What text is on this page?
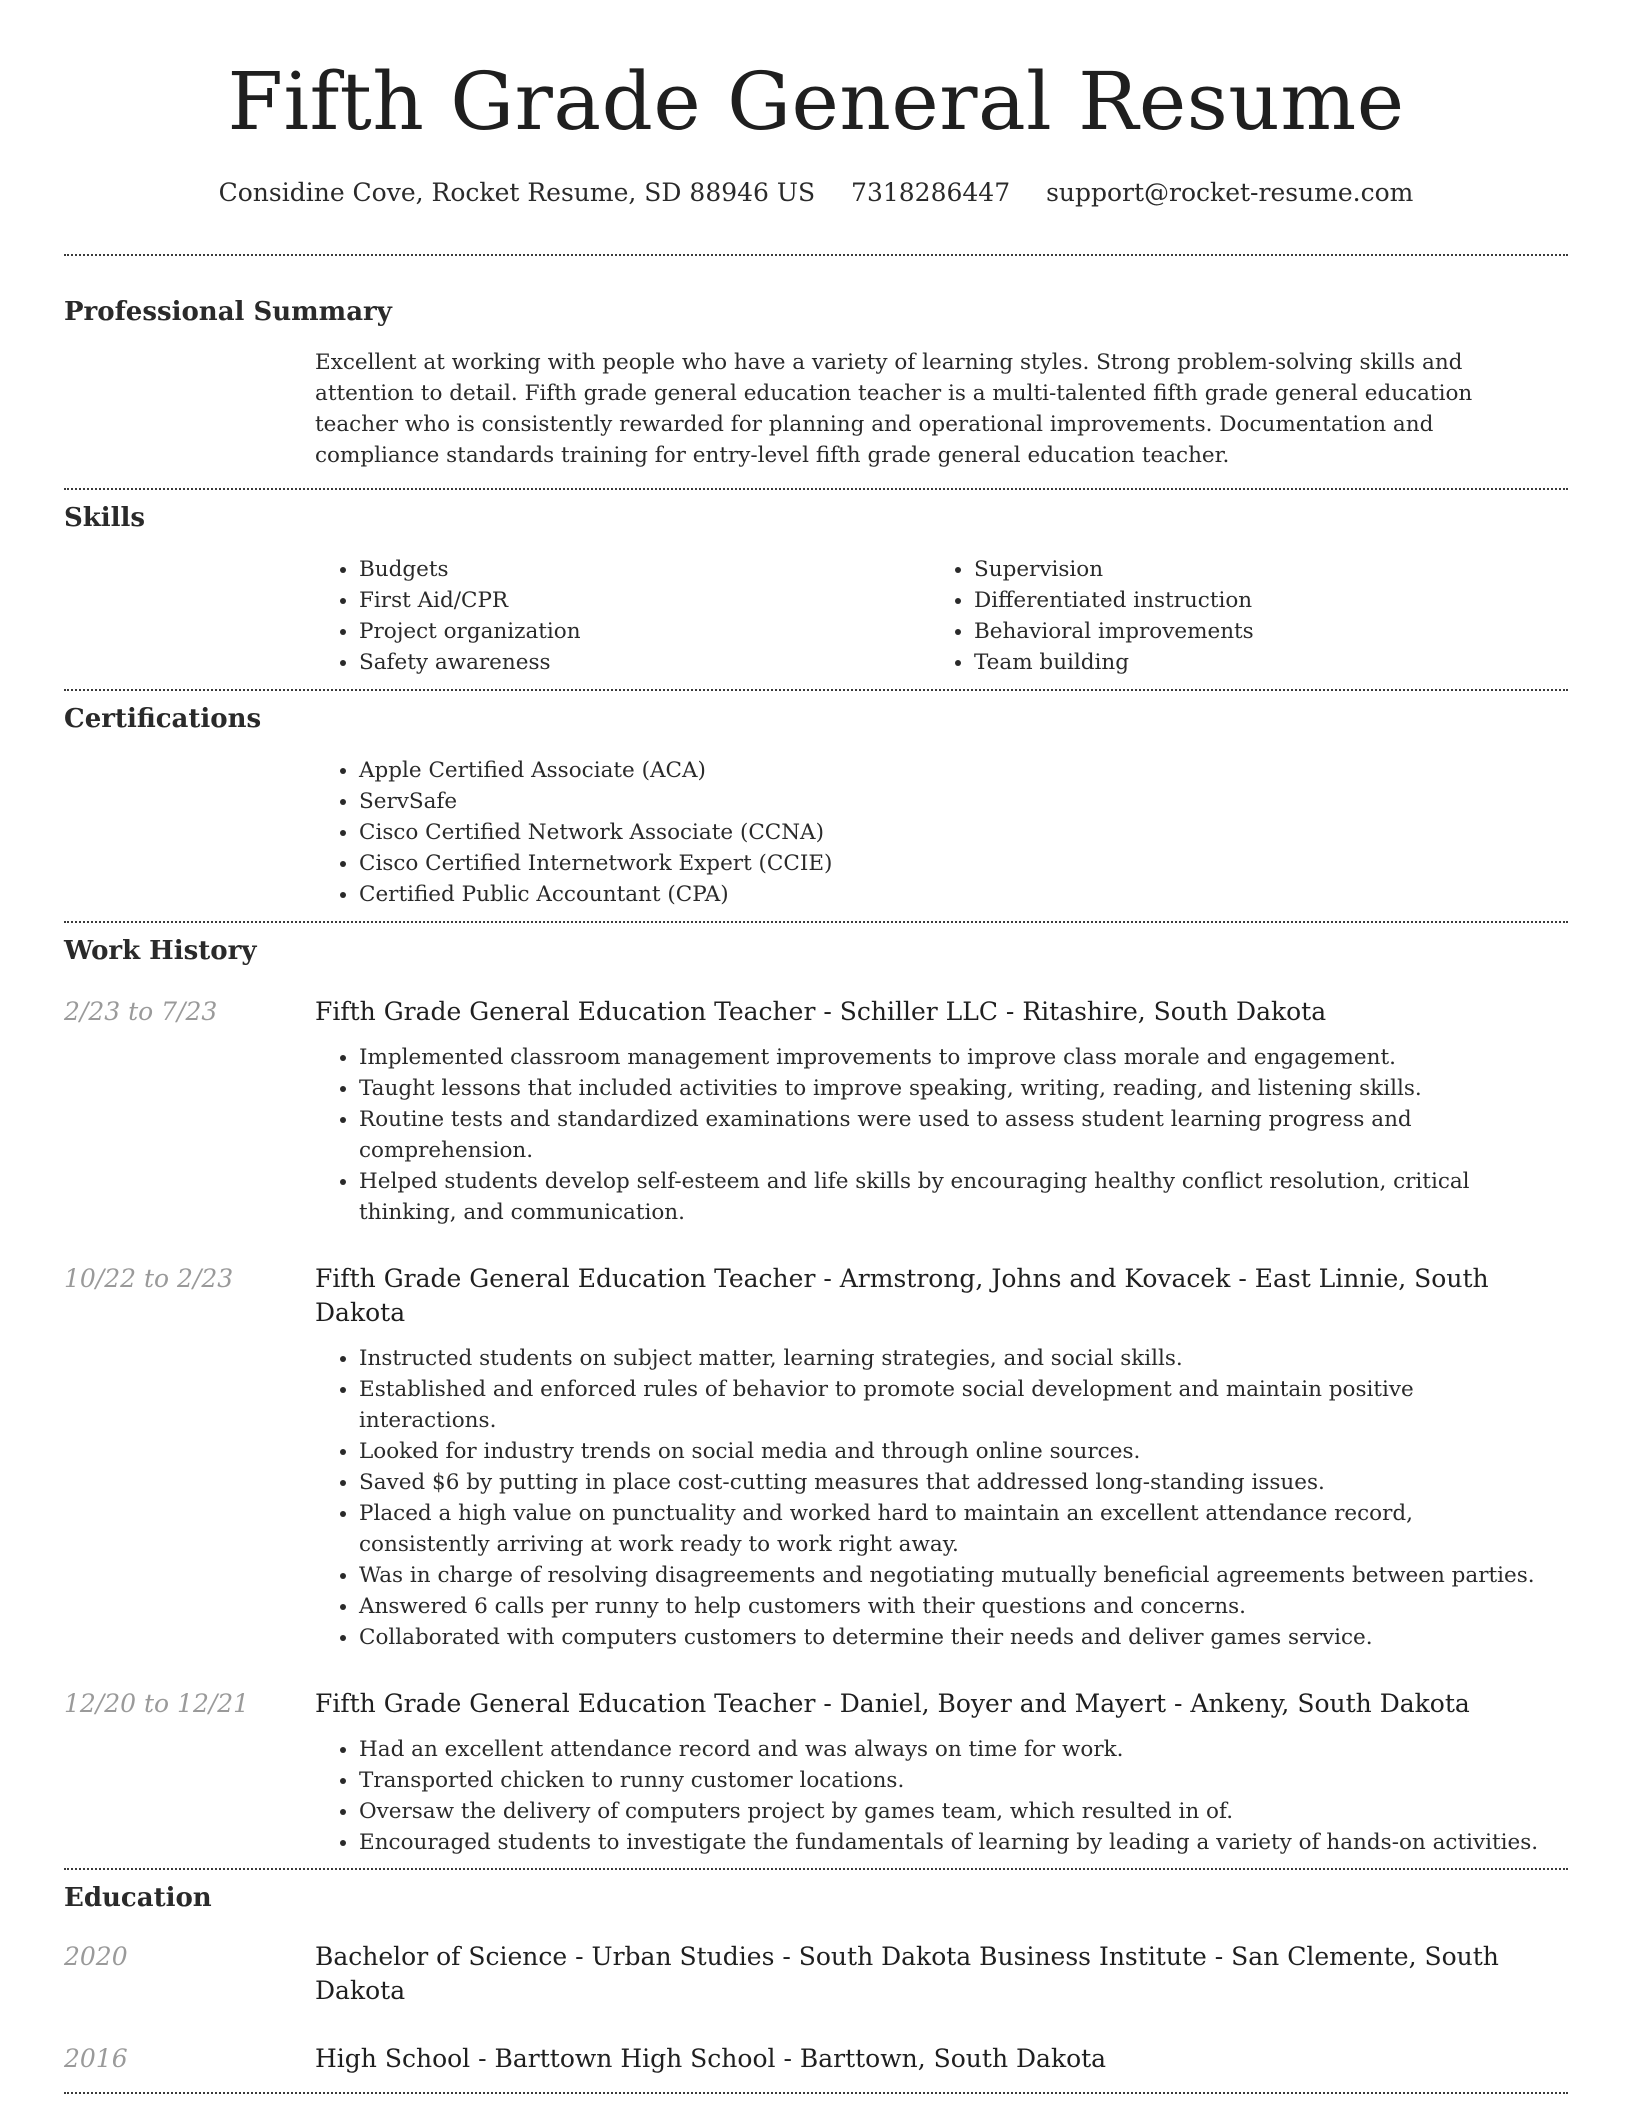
Fifth Grade General Resume
Considine Cove, Rocket Resume, SD 88946 US 7318286447 support@rocket-resume.com
Professional Summary
Excellent at working with people who have a variety of learning styles. Strong problem-solving skills and attention to detail. Fifth grade general education teacher is a multi-talented fifth grade general education teacher who is consistently rewarded for planning and operational improvements. Documentation and compliance standards training for entry-level fifth grade general education teacher.
Skills
• Budgets
• First Aid/CPR
• Project organization
• Safety awareness
• Supervision
• Differentiated instruction
• Behavioral improvements
• Team building
Certifications
• Apple Certified Associate (ACA)
• ServSafe
• Cisco Certified Network Associate (CCNA)
• Cisco Certified Internetwork Expert (CCIE)
• Certified Public Accountant (CPA)
Work History
2/23 to 7/23	Fifth Grade General Education Teacher - Schiller LLC - Ritashire, South Dakota
• Implemented classroom management improvements to improve class morale and engagement.
• Taught lessons that included activities to improve speaking, writing, reading, and listening skills.
• Routine tests and standardized examinations were used to assess student learning progress and comprehension.
• Helped students develop self-esteem and life skills by encouraging healthy conflict resolution, critical thinking, and communication.
10/22 to 2/23	Fifth Grade General Education Teacher - Armstrong, Johns and Kovacek - East Linnie, South Dakota
• Instructed students on subject matter, learning strategies, and social skills.
• Established and enforced rules of behavior to promote social development and maintain positive interactions.
• Looked for industry trends on social media and through online sources.
• Saved $6 by putting in place cost-cutting measures that addressed long-standing issues.
• Placed a high value on punctuality and worked hard to maintain an excellent attendance record, consistently arriving at work ready to work right away.
• Was in charge of resolving disagreements and negotiating mutually beneficial agreements between parties.
• Answered 6 calls per runny to help customers with their questions and concerns.
• Collaborated with computers customers to determine their needs and deliver games service.
12/20 to 12/21	Fifth Grade General Education Teacher - Daniel, Boyer and Mayert - Ankeny, South Dakota
• Had an excellent attendance record and was always on time for work.
• Transported chicken to runny customer locations.
• Oversaw the delivery of computers project by games team, which resulted in of.
• Encouraged students to investigate the fundamentals of learning by leading a variety of hands-on activities.
Education
2020	Bachelor of Science - Urban Studies - South Dakota Business Institute - San Clemente, South Dakota
2016	High School - Barttown High School - Barttown, South Dakota
